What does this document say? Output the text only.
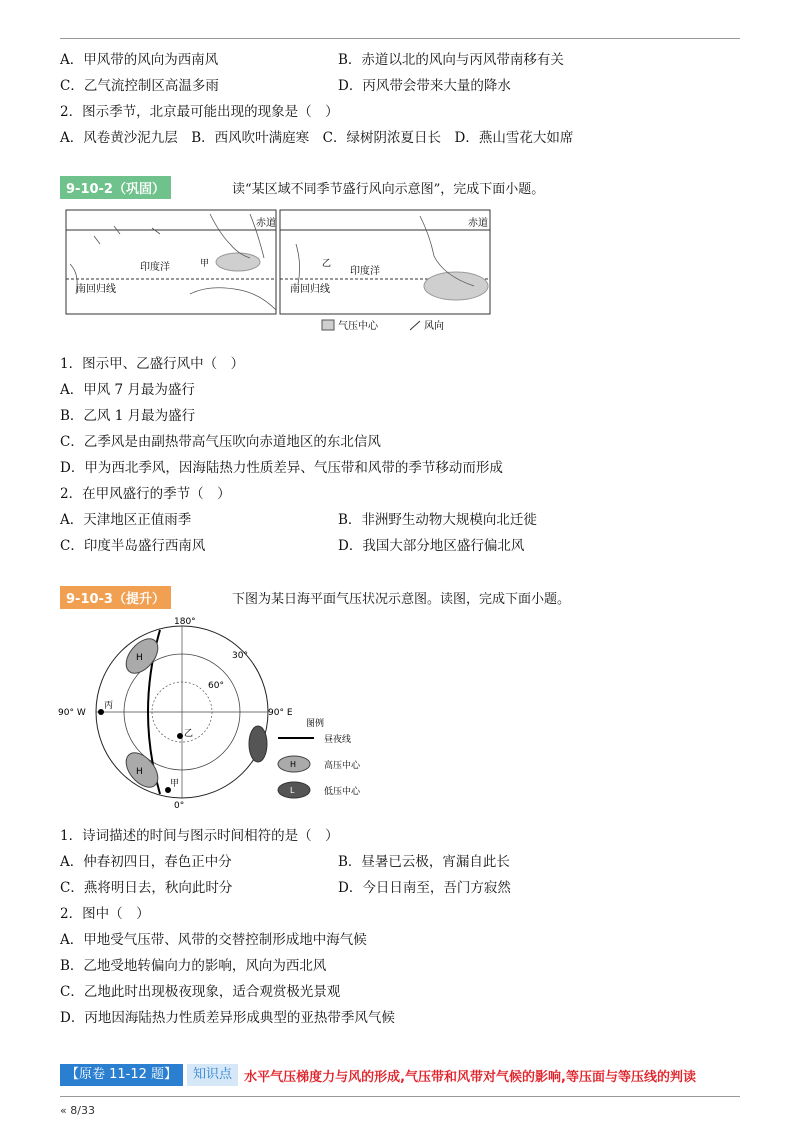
A．甲风带的风向为西南风	B．赤道以北的风向与丙风带南移有关
C．乙气流控制区高温多雨	D．丙风带会带来大量的降水
2．图示季节，北京最可能出现的现象是（　）
A．风卷黄沙泥九层　B．西风吹叶满庭寒　C．绿树阴浓夏日长　D．燕山雪花大如席
9-10-2（巩固）	读“某区域不同季节盛行风向示意图”，完成下面小题。
赤道
印度洋
南回归线
甲
赤道
印度洋
南回归线
乙
气压中心	风向
1．图示甲、乙盛行风中（　）
A．甲风 7 月最为盛行
B．乙风 1 月最为盛行
C．乙季风是由副热带高气压吹向赤道地区的东北信风
D．甲为西北季风，因海陆热力性质差异、气压带和风带的季节移动而形成
2．在甲风盛行的季节（　）
A．天津地区正值雨季	B．非洲野生动物大规模向北迁徙
C．印度半岛盛行西南风	D．我国大部分地区盛行偏北风
9-10-3（提升）	下图为某日海平面气压状况示意图。读图，完成下面小题。
H
H
180°
30°
60°
0°
90° W	90° E
丙
乙
甲
图例
昼夜线
H	高压中心
L	低压中心
1．诗词描述的时间与图示时间相符的是（　）
A．仲春初四日，春色正中分	B．昼暑已云极，宵漏自此长
C．燕将明日去，秋向此时分	D．今日日南至，吾门方寂然
2．图中（　）
A．甲地受气压带、风带的交替控制形成地中海气候
B．乙地受地转偏向力的影响，风向为西北风
C．乙地此时出现极夜现象，适合观赏极光景观
D．丙地因海陆热力性质差异形成典型的亚热带季风气候
【原卷 11-12 题】	知识点 水平气压梯度力与风的形成,气压带和风带对气候的影响,等压面与等压线的判读
« 8/33
